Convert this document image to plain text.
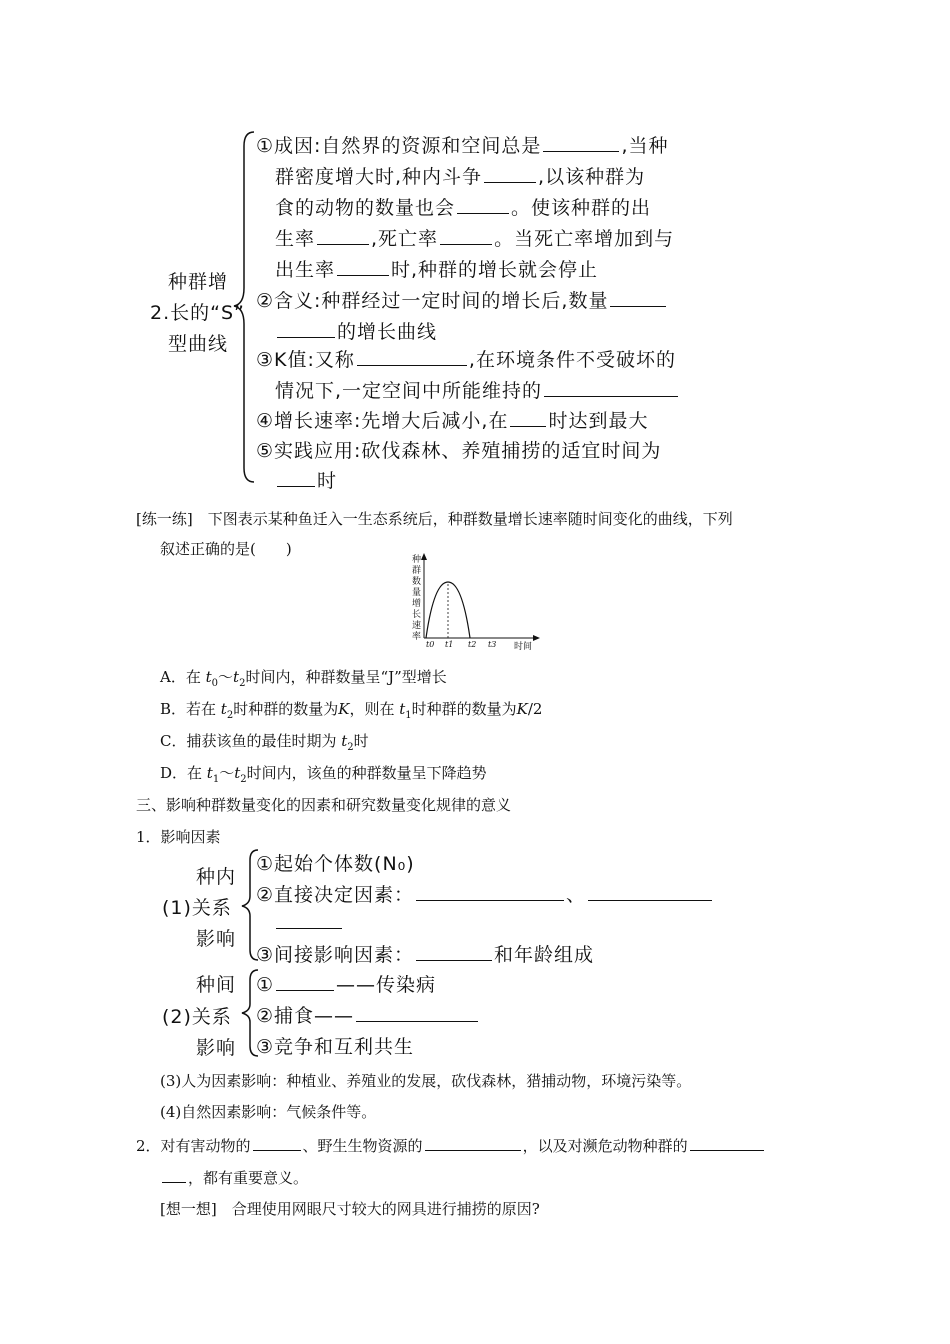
种群增
2.长的“S”
型曲线
①成因:自然界的资源和空间总是	,当种
群密度增大时,种内斗争	,以该种群为
食的动物的数量也会	。使该种群的出
生率	,死亡率	。当死亡率增加到与
出生率	时,种群的增长就会停止
②含义:种群经过一定时间的增长后,数量
的增长曲线
③K值:又称	,在环境条件不受破坏的
情况下,一定空间中所能维持的
④增长速率:先增大后减小,在 时达到最大
⑤实践应用:砍伐森林、养殖捕捞的适宜时间为
时
[练一练]　 下图表示某种鱼迁入一生态系统后，种群数量增长速率随时间变化的曲线，下列
叙述正确的是(　　)
种
群
数
量
增
长
速
率
t0 t1 t2 t3 时间
A．在 $t_0\sim t_2$时间内，种群数量呈“J”型增长
B．若在 $t_2$时种群的数量为K，则在 $t_1$时种群的数量为K/2
C．捕获该鱼的最佳时期为 $t_2$时
D．在 $t_1\sim t_2$时间内，该鱼的种群数量呈下降趋势
三、影响种群数量变化的因素和研究数量变化规律的意义
1．影响因素
种内
(1)关系
影响
①起始个体数(N₀)
②直接决定因素：	、
③间接影响因素：	和年龄组成
种间
(2)关系
影响
①	——传染病
②捕食——
③竞争和互利共生
(3)人为因素影响：种植业、养殖业的发展，砍伐森林，猎捕动物，环境污染等。
(4)自然因素影响：气候条件等。
2．对有害动物的	、野生生物资源的	，以及对濒危动物种群的
，都有重要意义。
[想一想]　 合理使用网眼尺寸较大的网具进行捕捞的原因?
